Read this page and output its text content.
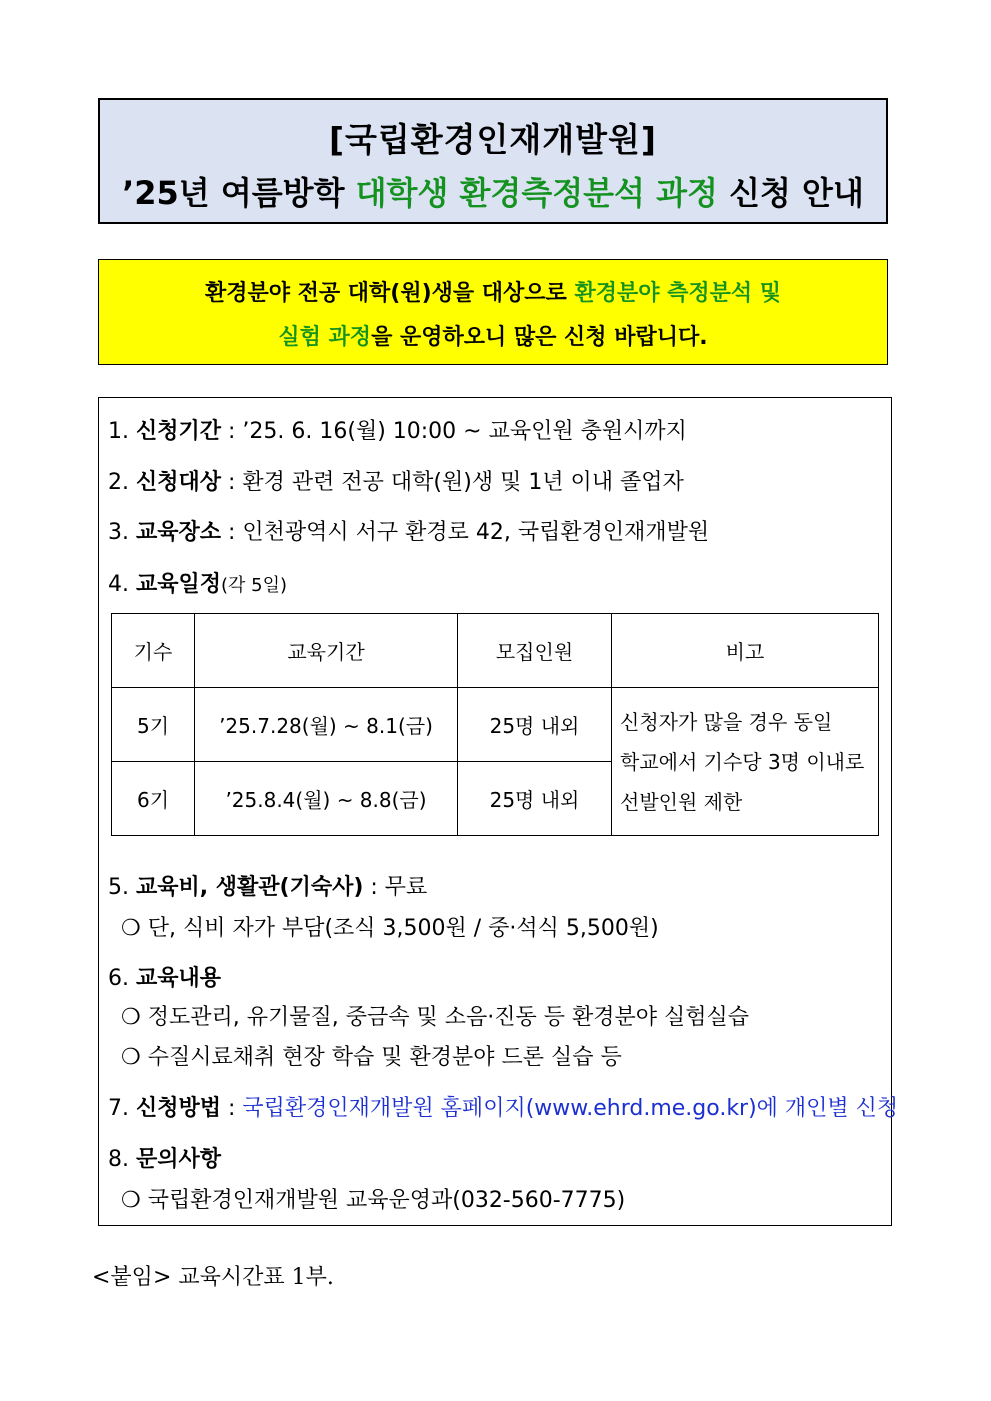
[국립환경인재개발원]
’25년 여름방학 대학생 환경측정분석 과정 신청 안내
환경분야 전공 대학(원)생을 대상으로 환경분야 측정분석 및
실험 과정을 운영하오니 많은 신청 바랍니다.
1. 신청기간 : ’25. 6. 16(월) 10:00 ~ 교육인원 충원시까지
2. 신청대상 : 환경 관련 전공 대학(원)생 및 1년 이내 졸업자
3. 교육장소 : 인천광역시 서구 환경로 42, 국립환경인재개발원
4. 교육일정(각 5일)
기수	교육기간	모집인원	비고
5기	’25.7.28(월) ~ 8.1(금)	25명 내외	신청자가 많을 경우 동일
학교에서 기수당 3명 이내로
선발인원 제한

6기	’25.8.4(월) ~ 8.8(금)	25명 내외	
5. 교육비, 생활관(기숙사) : 무료
❍ 단, 식비 자가 부담(조식 3,500원 / 중·석식 5,500원)
6. 교육내용
❍ 정도관리, 유기물질, 중금속 및 소음·진동 등 환경분야 실험실습
❍ 수질시료채취 현장 학습 및 환경분야 드론 실습 등
7. 신청방법 : 국립환경인재개발원 홈페이지(www.ehrd.me.go.kr)에 개인별 신청
8. 문의사항
❍ 국립환경인재개발원 교육운영과(032-560-7775)
<붙임> 교육시간표 1부.
